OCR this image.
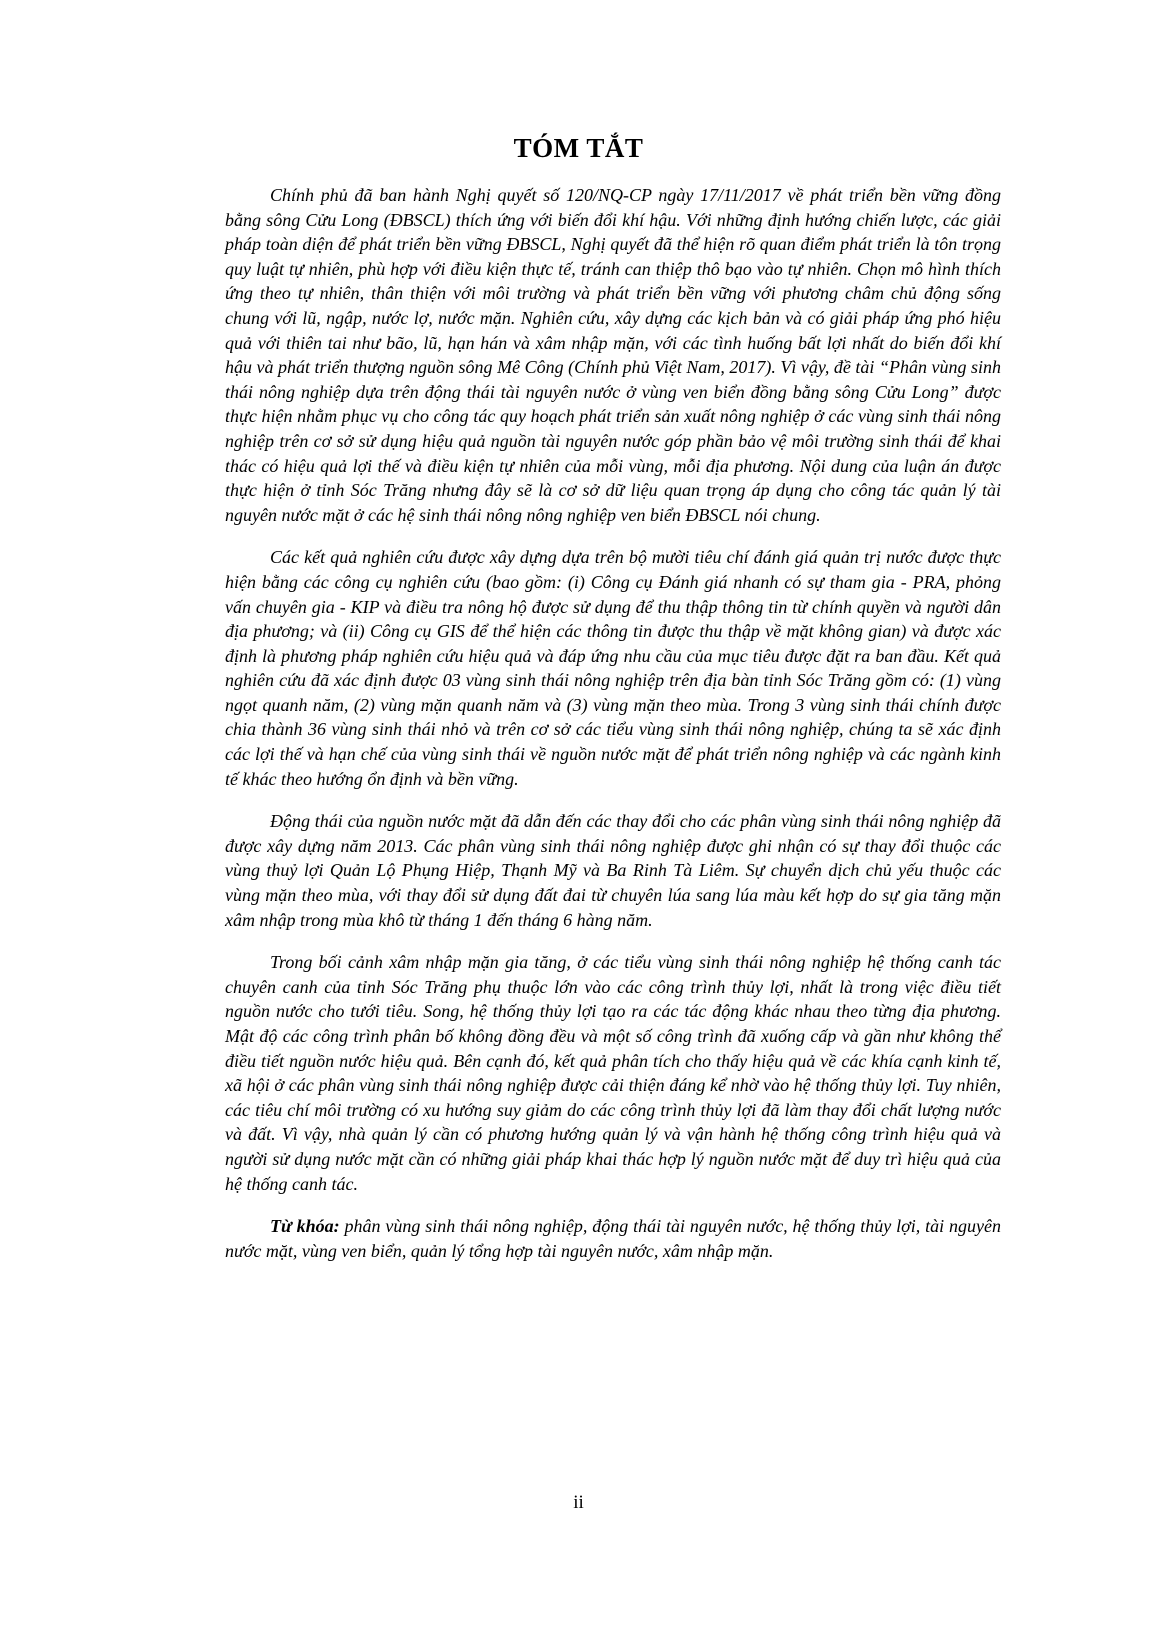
TÓM TẮT

Chính phủ đã ban hành Nghị quyết số 120/NQ-CP ngày 17/11/2017 về phát triển bền vững đồng bằng sông Cửu Long (ĐBSCL) thích ứng với biến đổi khí hậu. Với những định hướng chiến lược, các giải pháp toàn diện để phát triển bền vững ĐBSCL, Nghị quyết đã thể hiện rõ quan điểm phát triển là tôn trọng quy luật tự nhiên, phù hợp với điều kiện thực tế, tránh can thiệp thô bạo vào tự nhiên. Chọn mô hình thích ứng theo tự nhiên, thân thiện với môi trường và phát triển bền vững với phương châm chủ động sống chung với lũ, ngập, nước lợ, nước mặn. Nghiên cứu, xây dựng các kịch bản và có giải pháp ứng phó hiệu quả với thiên tai như bão, lũ, hạn hán và xâm nhập mặn, với các tình huống bất lợi nhất do biến đổi khí hậu và phát triển thượng nguồn sông Mê Công (Chính phủ Việt Nam, 2017). Vì vậy, đề tài “Phân vùng sinh thái nông nghiệp dựa trên động thái tài nguyên nước ở vùng ven biển đồng bằng sông Cửu Long” được thực hiện nhằm phục vụ cho công tác quy hoạch phát triển sản xuất nông nghiệp ở các vùng sinh thái nông nghiệp trên cơ sở sử dụng hiệu quả nguồn tài nguyên nước góp phần bảo vệ môi trường sinh thái để khai thác có hiệu quả lợi thế và điều kiện tự nhiên của mỗi vùng, mỗi địa phương. Nội dung của luận án được thực hiện ở tỉnh Sóc Trăng nhưng đây sẽ là cơ sở dữ liệu quan trọng áp dụng cho công tác quản lý tài nguyên nước mặt ở các hệ sinh thái nông nông nghiệp ven biển ĐBSCL nói chung.

Các kết quả nghiên cứu được xây dựng dựa trên bộ mười tiêu chí đánh giá quản trị nước được thực hiện bằng các công cụ nghiên cứu (bao gồm: (i) Công cụ Đánh giá nhanh có sự tham gia - PRA, phỏng vấn chuyên gia - KIP và điều tra nông hộ được sử dụng để thu thập thông tin từ chính quyền và người dân địa phương; và (ii) Công cụ GIS để thể hiện các thông tin được thu thập về mặt không gian) và được xác định là phương pháp nghiên cứu hiệu quả và đáp ứng nhu cầu của mục tiêu được đặt ra ban đầu. Kết quả nghiên cứu đã xác định được 03 vùng sinh thái nông nghiệp trên địa bàn tỉnh Sóc Trăng gồm có: (1) vùng ngọt quanh năm, (2) vùng mặn quanh năm và (3) vùng mặn theo mùa. Trong 3 vùng sinh thái chính được chia thành 36 vùng sinh thái nhỏ và trên cơ sở các tiểu vùng sinh thái nông nghiệp, chúng ta sẽ xác định các lợi thế và hạn chế của vùng sinh thái về nguồn nước mặt để phát triển nông nghiệp và các ngành kinh tế khác theo hướng ổn định và bền vững.

Động thái của nguồn nước mặt đã dẫn đến các thay đổi cho các phân vùng sinh thái nông nghiệp đã được xây dựng năm 2013. Các phân vùng sinh thái nông nghiệp được ghi nhận có sự thay đổi thuộc các vùng thuỷ lợi Quản Lộ Phụng Hiệp, Thạnh Mỹ và Ba Rinh Tà Liêm. Sự chuyển dịch chủ yếu thuộc các vùng mặn theo mùa, với thay đổi sử dụng đất đai từ chuyên lúa sang lúa màu kết hợp do sự gia tăng mặn xâm nhập trong mùa khô từ tháng 1 đến tháng 6 hàng năm.

Trong bối cảnh xâm nhập mặn gia tăng, ở các tiểu vùng sinh thái nông nghiệp hệ thống canh tác chuyên canh của tỉnh Sóc Trăng phụ thuộc lớn vào các công trình thủy lợi, nhất là trong việc điều tiết nguồn nước cho tưới tiêu. Song, hệ thống thủy lợi tạo ra các tác động khác nhau theo từng địa phương. Mật độ các công trình phân bố không đồng đều và một số công trình đã xuống cấp và gần như không thể điều tiết nguồn nước hiệu quả. Bên cạnh đó, kết quả phân tích cho thấy hiệu quả về các khía cạnh kinh tế, xã hội ở các phân vùng sinh thái nông nghiệp được cải thiện đáng kể nhờ vào hệ thống thủy lợi. Tuy nhiên, các tiêu chí môi trường có xu hướng suy giảm do các công trình thủy lợi đã làm thay đổi chất lượng nước và đất. Vì vậy, nhà quản lý cần có phương hướng quản lý và vận hành hệ thống công trình hiệu quả và người sử dụng nước mặt cần có những giải pháp khai thác hợp lý nguồn nước mặt để duy trì hiệu quả của hệ thống canh tác.

Từ khóa: phân vùng sinh thái nông nghiệp, động thái tài nguyên nước, hệ thống thủy lợi, tài nguyên nước mặt, vùng ven biển, quản lý tổng hợp tài nguyên nước, xâm nhập mặn.

ii
